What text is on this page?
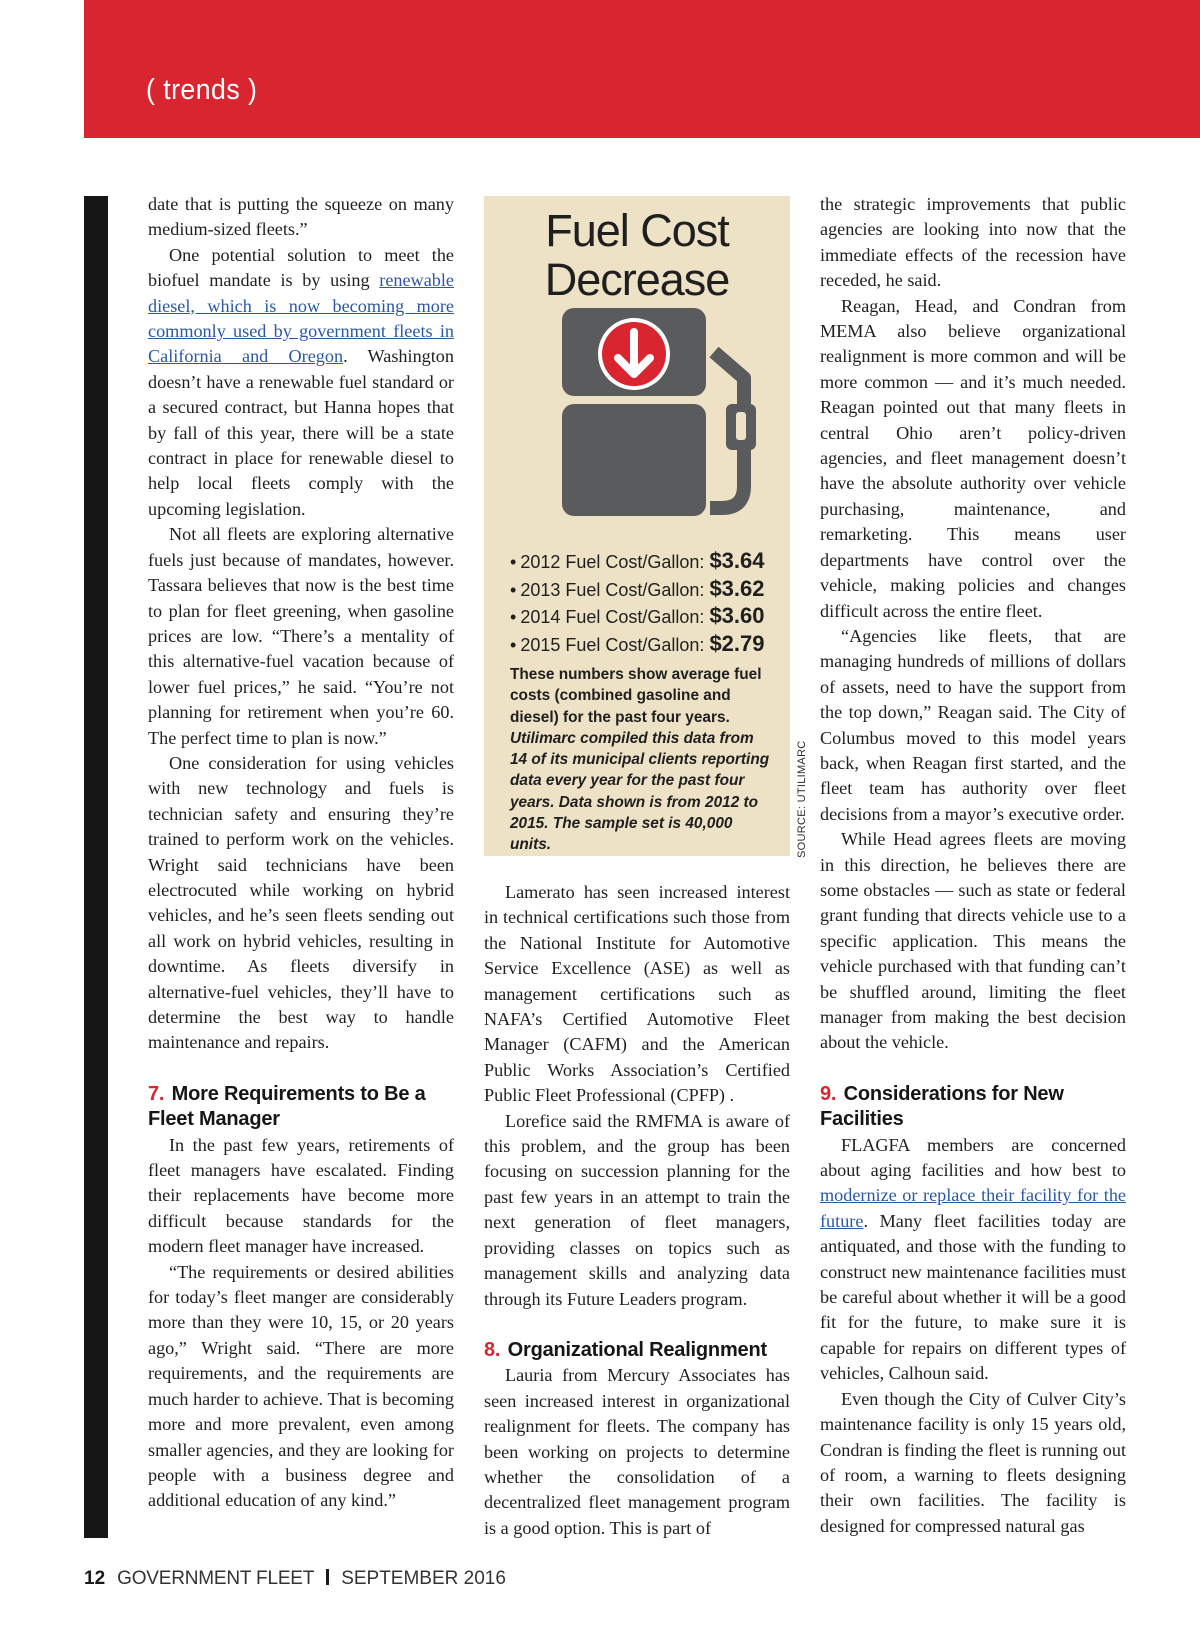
( trends )

date that is putting the squeeze on many medium-sized fleets.”

One potential solution to meet the biofuel mandate is by using renewable diesel, which is now becoming more commonly used by government fleets in California and Oregon. Washington doesn’t have a renewable fuel standard or a secured contract, but Hanna hopes that by fall of this year, there will be a state contract in place for renewable diesel to help local fleets comply with the upcoming legislation.

Not all fleets are exploring alternative fuels just because of mandates, however. Tassara believes that now is the best time to plan for fleet greening, when gasoline prices are low. “There’s a mentality of this alternative-fuel vacation because of lower fuel prices,” he said. “You’re not planning for retirement when you’re 60. The perfect time to plan is now.”

One consideration for using vehicles with new technology and fuels is technician safety and ensuring they’re trained to perform work on the vehicles. Wright said technicians have been electrocuted while working on hybrid vehicles, and he’s seen fleets sending out all work on hybrid vehicles, resulting in downtime. As fleets diversify in alternative-fuel vehicles, they’ll have to determine the best way to handle maintenance and repairs.

7. More Requirements to Be a Fleet Manager

In the past few years, retirements of fleet managers have escalated. Finding their replacements have become more difficult because standards for the modern fleet manager have increased.

“The requirements or desired abilities for today’s fleet manger are considerably more than they were 10, 15, or 20 years ago,” Wright said. “There are more requirements, and the requirements are much harder to achieve. That is becoming more and more prevalent, even among smaller agencies, and they are looking for people with a business degree and additional education of any kind.”

Fuel Cost Decrease
• 2012 Fuel Cost/Gallon: $3.64
• 2013 Fuel Cost/Gallon: $3.62
• 2014 Fuel Cost/Gallon: $3.60
• 2015 Fuel Cost/Gallon: $2.79
These numbers show average fuel costs (combined gasoline and diesel) for the past four years. Utilimarc compiled this data from 14 of its municipal clients reporting data every year for the past four years. Data shown is from 2012 to 2015. The sample set is 40,000 units.	SOURCE: UTILIMARC

Lamerato has seen increased interest in technical certifications such those from the National Institute for Automotive Service Excellence (ASE) as well as management certifications such as NAFA’s Certified Automotive Fleet Manager (CAFM) and the American Public Works Association’s Certified Public Fleet Professional (CPFP) .

Lorefice said the RMFMA is aware of this problem, and the group has been focusing on succession planning for the past few years in an attempt to train the next generation of fleet managers, providing classes on topics such as management skills and analyzing data through its Future Leaders program.

8. Organizational Realignment

Lauria from Mercury Associates has seen increased interest in organizational realignment for fleets. The company has been working on projects to determine whether the consolidation of a decentralized fleet management program is a good option. This is part of

the strategic improvements that public agencies are looking into now that the immediate effects of the recession have receded, he said.

Reagan, Head, and Condran from MEMA also believe organizational realignment is more common and will be more common — and it’s much needed. Reagan pointed out that many fleets in central Ohio aren’t policy-driven agencies, and fleet management doesn’t have the absolute authority over vehicle purchasing, maintenance, and remarketing. This means user departments have control over the vehicle, making policies and changes difficult across the entire fleet.

“Agencies like fleets, that are managing hundreds of millions of dollars of assets, need to have the support from the top down,” Reagan said. The City of Columbus moved to this model years back, when Reagan first started, and the fleet team has authority over fleet decisions from a mayor’s executive order.

While Head agrees fleets are moving in this direction, he believes there are some obstacles — such as state or federal grant funding that directs vehicle use to a specific application. This means the vehicle purchased with that funding can’t be shuffled around, limiting the fleet manager from making the best decision about the vehicle.

9. Considerations for New Facilities

FLAGFA members are concerned about aging facilities and how best to modernize or replace their facility for the future. Many fleet facilities today are antiquated, and those with the funding to construct new maintenance facilities must be careful about whether it will be a good fit for the future, to make sure it is capable for repairs on different types of vehicles, Calhoun said.

Even though the City of Culver City’s maintenance facility is only 15 years old, Condran is finding the fleet is running out of room, a warning to fleets designing their own facilities. The facility is designed for compressed natural gas

12 GOVERNMENT FLEET SEPTEMBER 2016
